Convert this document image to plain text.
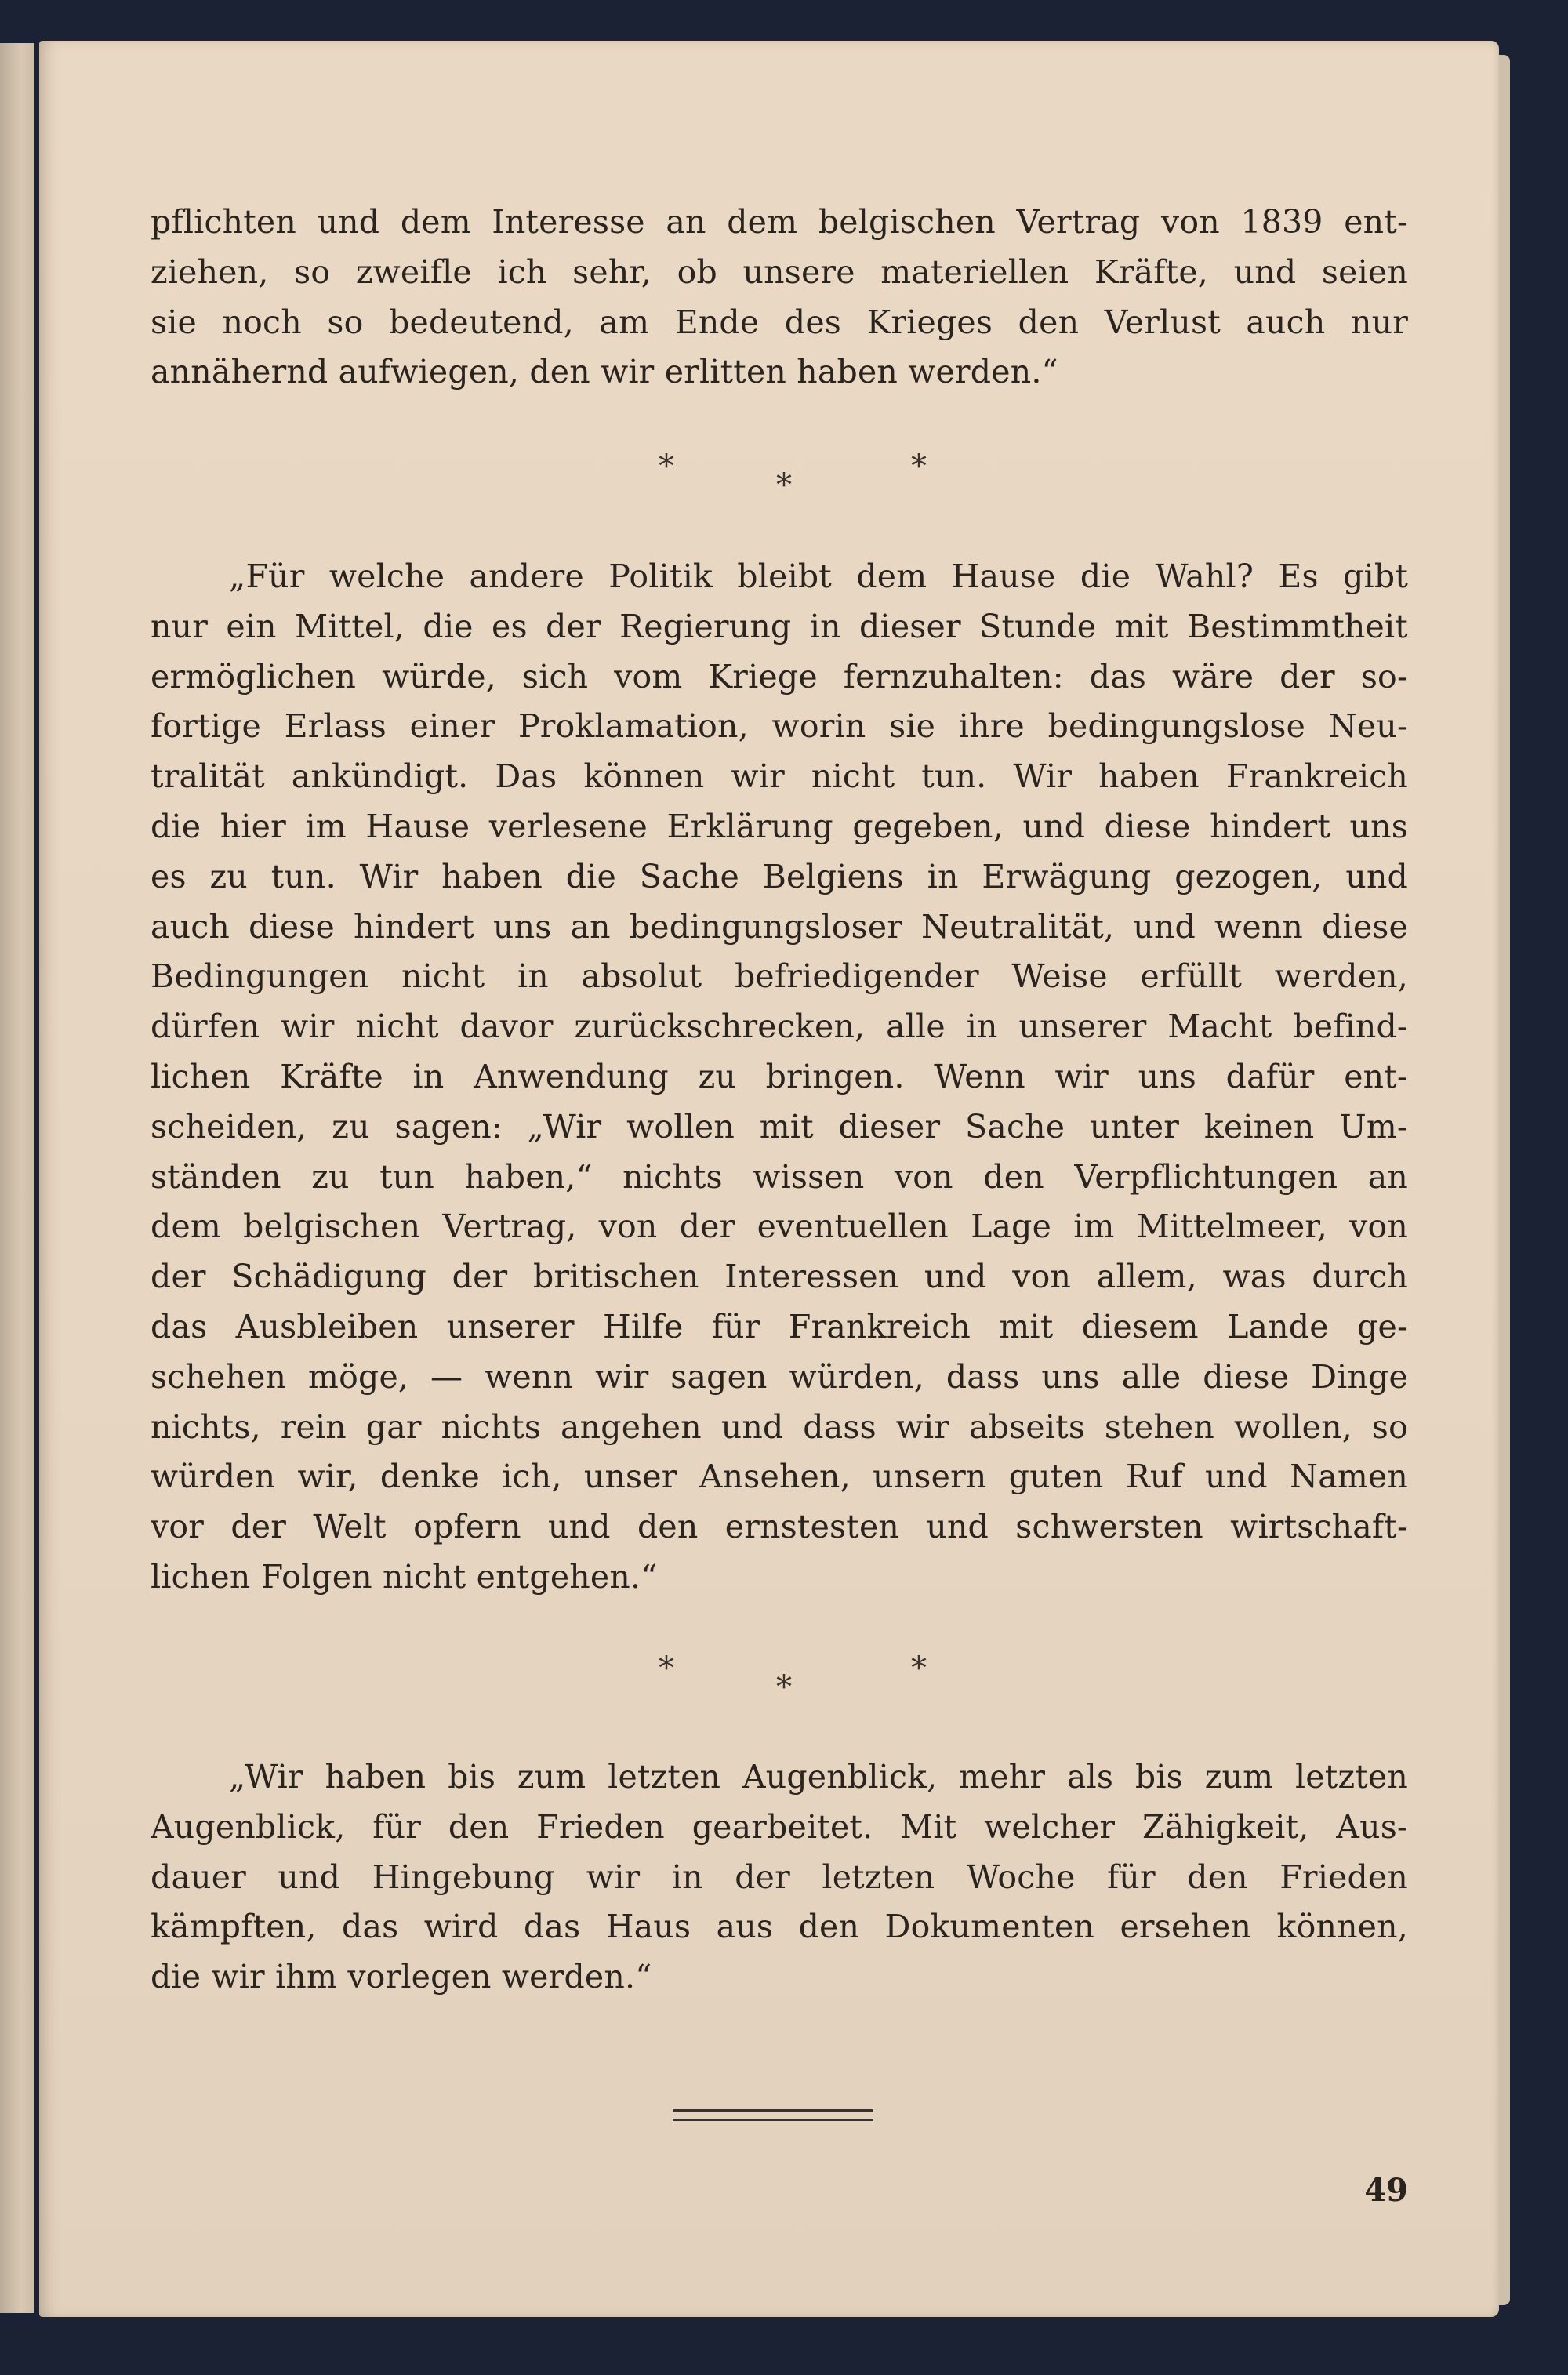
pflichten und dem Interesse an dem belgischen Vertrag von 1839 ent-
ziehen, so zweifle ich sehr, ob unsere materiellen Kräfte, und seien
sie noch so bedeutend, am Ende des Krieges den Verlust auch nur
annähernd aufwiegen, den wir erlitten haben werden.“
*
*
*
„Für welche andere Politik bleibt dem Hause die Wahl? Es gibt
nur ein Mittel, die es der Regierung in dieser Stunde mit Bestimmtheit
ermöglichen würde, sich vom Kriege fernzuhalten: das wäre der so-
fortige Erlass einer Proklamation, worin sie ihre bedingungslose Neu-
tralität ankündigt. Das können wir nicht tun. Wir haben Frankreich
die hier im Hause verlesene Erklärung gegeben, und diese hindert uns
es zu tun. Wir haben die Sache Belgiens in Erwägung gezogen, und
auch diese hindert uns an bedingungsloser Neutralität, und wenn diese
Bedingungen nicht in absolut befriedigender Weise erfüllt werden,
dürfen wir nicht davor zurückschrecken, alle in unserer Macht befind-
lichen Kräfte in Anwendung zu bringen. Wenn wir uns dafür ent-
scheiden, zu sagen: „Wir wollen mit dieser Sache unter keinen Um-
ständen zu tun haben,“ nichts wissen von den Verpflichtungen an
dem belgischen Vertrag, von der eventuellen Lage im Mittelmeer, von
der Schädigung der britischen Interessen und von allem, was durch
das Ausbleiben unserer Hilfe für Frankreich mit diesem Lande ge-
schehen möge, — wenn wir sagen würden, dass uns alle diese Dinge
nichts, rein gar nichts angehen und dass wir abseits stehen wollen, so
würden wir, denke ich, unser Ansehen, unsern guten Ruf und Namen
vor der Welt opfern und den ernstesten und schwersten wirtschaft-
lichen Folgen nicht entgehen.“
*
*
*
„Wir haben bis zum letzten Augenblick, mehr als bis zum letzten
Augenblick, für den Frieden gearbeitet. Mit welcher Zähigkeit, Aus-
dauer und Hingebung wir in der letzten Woche für den Frieden
kämpften, das wird das Haus aus den Dokumenten ersehen können,
die wir ihm vorlegen werden.“
49
